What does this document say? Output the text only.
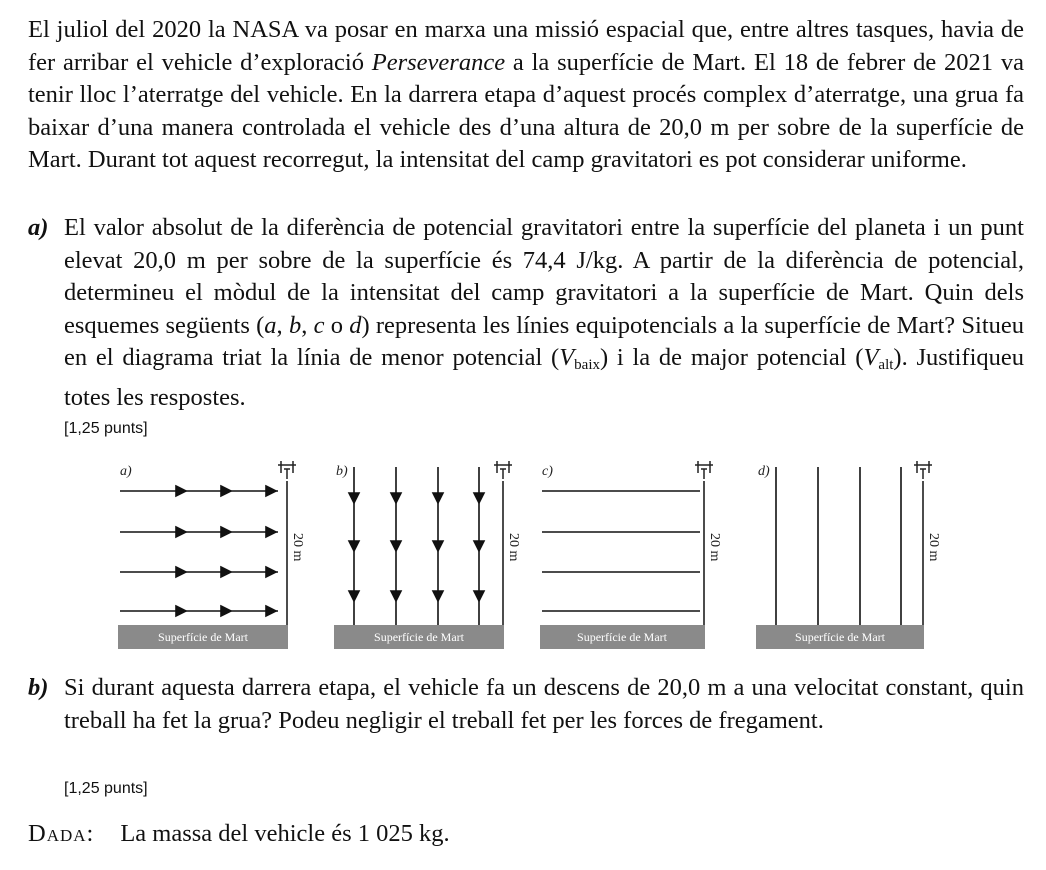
El juliol del 2020 la NASA va posar en marxa una missió espacial que, entre altres tasques, havia de fer arribar el vehicle d’exploració Perseverance a la superfície de Mart. El 18 de febrer de 2021 va tenir lloc l’aterratge del vehicle. En la darrera etapa d’aquest procés complex d’aterratge, una grua fa baixar d’una manera controlada el vehicle des d’una altura de 20,0 m per sobre de la superfície de Mart. Durant tot aquest recorregut, la intensitat del camp gravitatori es pot considerar uniforme.
a) El valor absolut de la diferència de potencial gravitatori entre la superfície del planeta i un punt elevat 20,0 m per sobre de la superfície és 74,4 J/kg. A partir de la diferència de potencial, determineu el mòdul de la intensitat del camp gravitatori a la superfície de Mart. Quin dels esquemes següents (a, b, c o d) representa les línies equipotencials a la superfície de Mart? Situeu en el diagrama triat la línia de menor potencial $(V_{baix})$ i la de major potencial $(V_{alt})$. Justifiqueu totes les respostes.
[1,25 punts]
a)
20 m
Superfície de Mart
b)
20 m
Superfície de Mart
c)
20 m
Superfície de Mart
d)
20 m
Superfície de Mart
b) Si durant aquesta darrera etapa, el vehicle fa un descens de 20,0 m a una velocitat constant, quin treball ha fet la grua? Podeu negligir el treball fet per les forces de fregament.
[1,25 punts]
Dada: La massa del vehicle és 1 025 kg.
